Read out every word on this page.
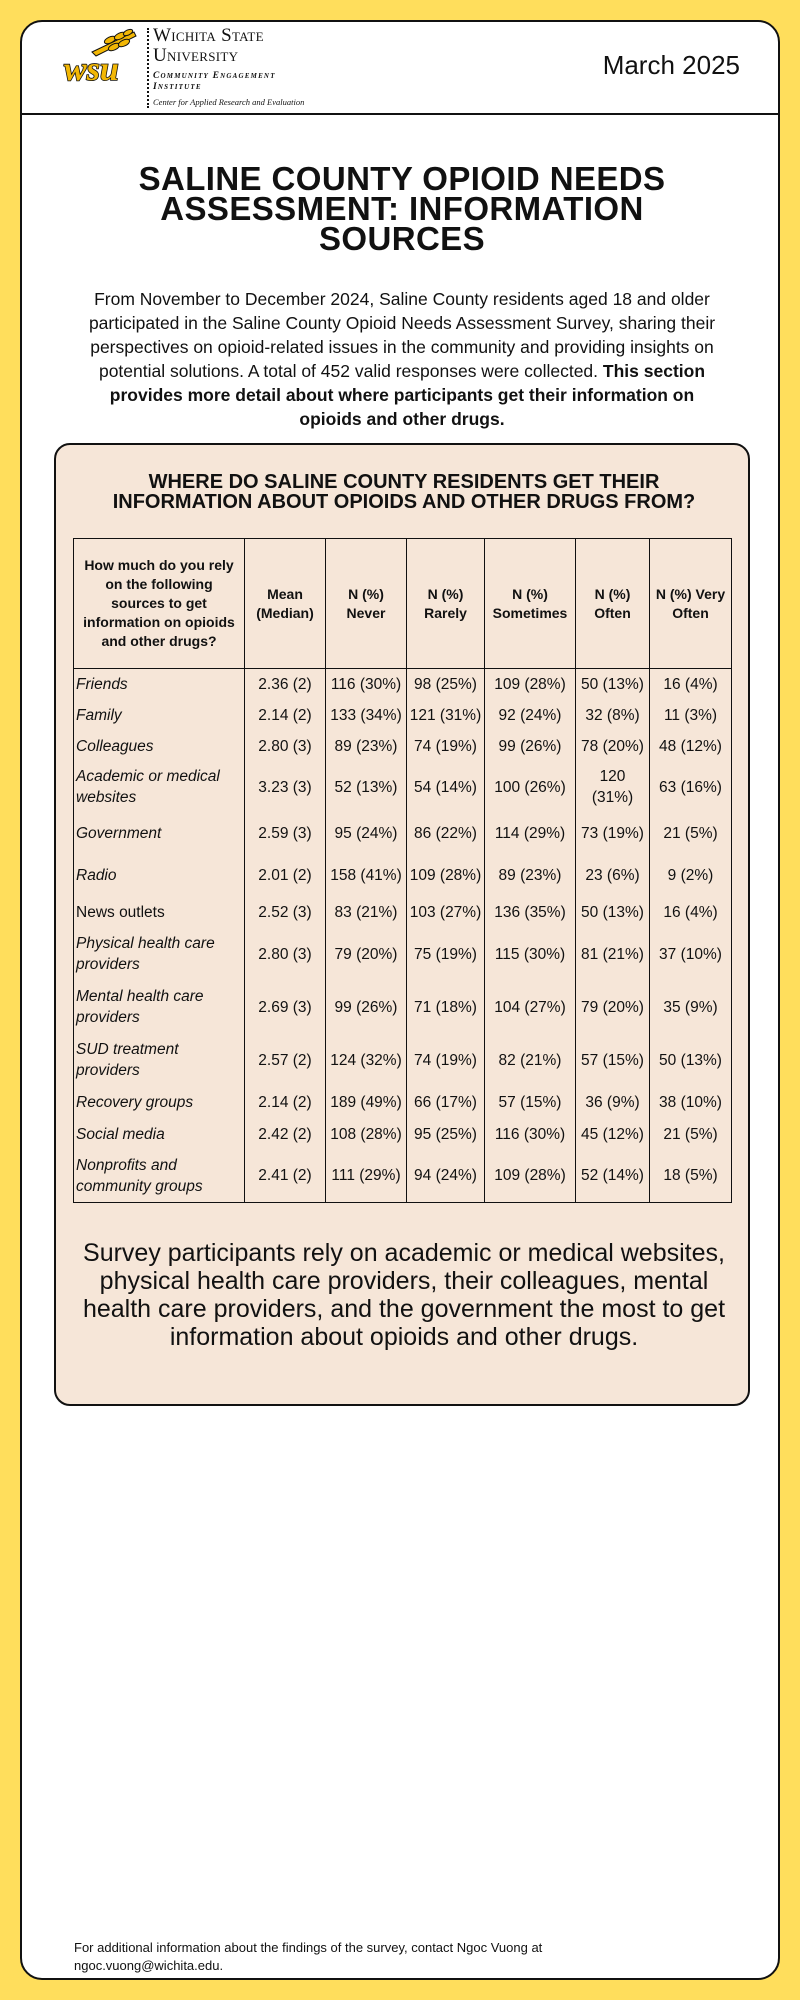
wsu
Wichita State
University
Community Engagement Institute
Center for Applied Research and Evaluation
March 2025
SALINE COUNTY OPIOID NEEDS ASSESSMENT: INFORMATION SOURCES

From November to December 2024, Saline County residents aged 18 and older participated in the Saline County Opioid Needs Assessment Survey, sharing their perspectives on opioid-related issues in the community and providing insights on potential solutions. A total of 452 valid responses were collected. This section provides more detail about where participants get their information on opioids and other drugs.

WHERE DO SALINE COUNTY RESIDENTS GET THEIR INFORMATION ABOUT OPIOIDS AND OTHER DRUGS FROM?
How much do you rely on the following sources to get information on opioids and other drugs?	Mean (Median)	N (%) Never	N (%) Rarely	N (%) Sometimes	N (%) Often	N (%) Very Often
Friends	2.36 (2)	116 (30%)	98 (25%)	109 (28%)	50 (13%)	16 (4%)
Family	2.14 (2)	133 (34%)	121 (31%)	92 (24%)	32 (8%)	11 (3%)
Colleagues	2.80 (3)	89 (23%)	74 (19%)	99 (26%)	78 (20%)	48 (12%)
Academic or medical websites	3.23 (3)	52 (13%)	54 (14%)	100 (26%)	120 (31%)	63 (16%)
Government	2.59 (3)	95 (24%)	86 (22%)	114 (29%)	73 (19%)	21 (5%)
Radio	2.01 (2)	158 (41%)	109 (28%)	89 (23%)	23 (6%)	9 (2%)
News outlets	2.52 (3)	83 (21%)	103 (27%)	136 (35%)	50 (13%)	16 (4%)
Physical health care providers	2.80 (3)	79 (20%)	75 (19%)	115 (30%)	81 (21%)	37 (10%)
Mental health care providers	2.69 (3)	99 (26%)	71 (18%)	104 (27%)	79 (20%)	35 (9%)
SUD treatment providers	2.57 (2)	124 (32%)	74 (19%)	82 (21%)	57 (15%)	50 (13%)
Recovery groups	2.14 (2)	189 (49%)	66 (17%)	57 (15%)	36 (9%)	38 (10%)
Social media	2.42 (2)	108 (28%)	95 (25%)	116 (30%)	45 (12%)	21 (5%)
Nonprofits and community groups	2.41 (2)	111 (29%)	94 (24%)	109 (28%)	52 (14%)	18 (5%)

Survey participants rely on academic or medical websites, physical health care providers, their colleagues, mental health care providers, and the government the most to get information about opioids and other drugs.

For additional information about the findings of the survey, contact Ngoc Vuong at ngoc.vuong@wichita.edu.
